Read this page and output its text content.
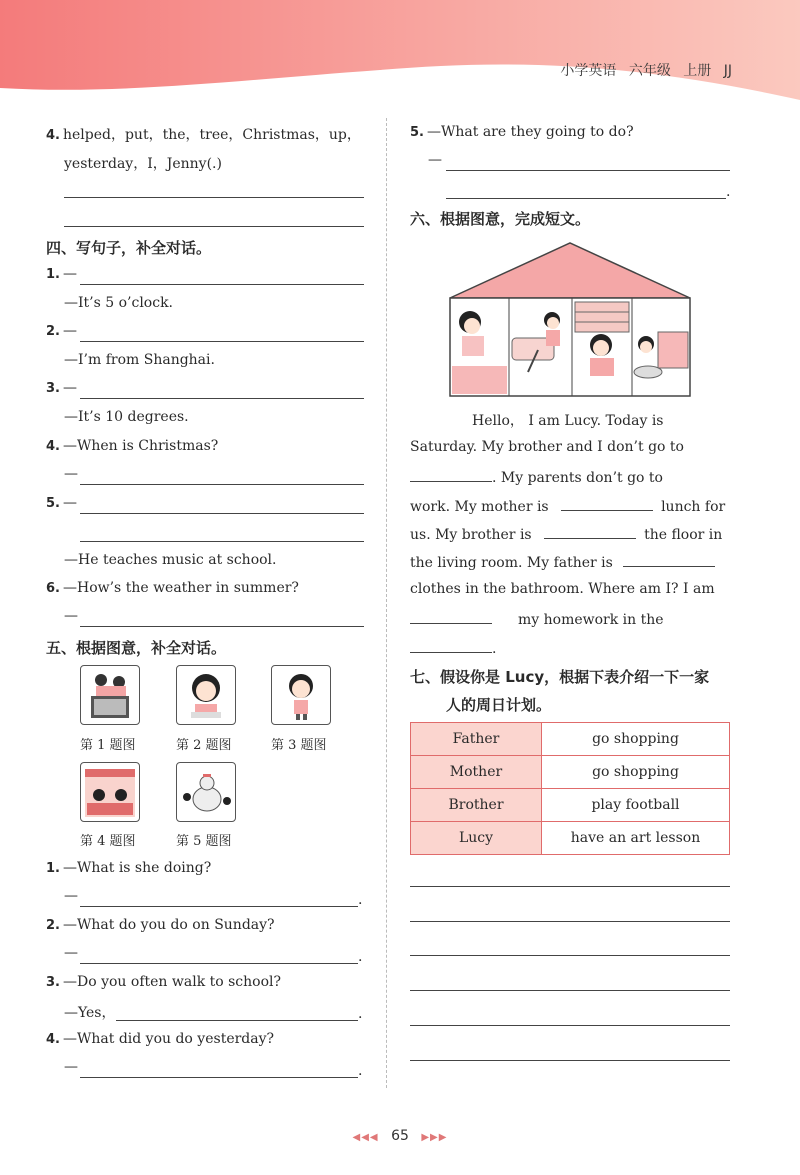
小学英语 六年级 上册 JJ
4. helped，put，the，tree，Christmas，up，
yesterday，I，Jenny(.)
四、写句子，补全对话。
1. —
—It’s 5 o’clock.
2. —
—I’m from Shanghai.
3. —
—It’s 10 degrees.
4. —When is Christmas?
—
5. —
—He teaches music at school.
6. —How’s the weather in summer?
—
五、根据图意，补全对话。
第 1 题图	第 2 题图	第 3 题图
第 4 题图	第 5 题图
1. —What is she doing?
—	.
2. —What do you do on Sunday?
—	.
3. —Do you often walk to school?
—Yes，	.
4. —What did you do yesterday?
—	.
5. —What are they going to do?
—
.
六、根据图意，完成短文。
Hello， I am Lucy. Today is
Saturday. My brother and I don’t go to
. My parents don’t go to
work. My mother is	lunch for
us. My brother is	the floor in
the living room. My father is
clothes in the bathroom. Where am I? I am
my homework in the
.
七、假设你是 Lucy，根据下表介绍一下一家
人的周日计划。
Father	go shopping
Mother	go shopping
Brother	play football
Lucy	have an art lesson
◀◀◀ 65 ▶▶▶
